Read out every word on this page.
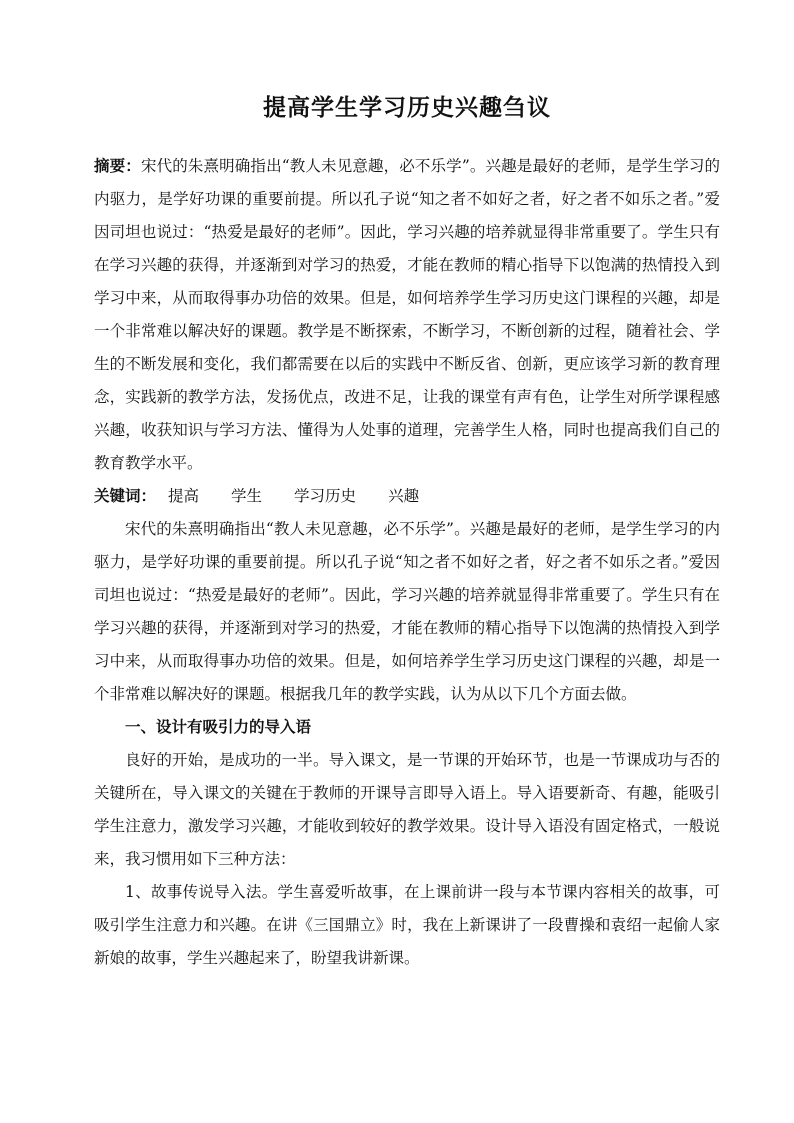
提高学生学习历史兴趣刍议

摘要：宋代的朱熹明确指出“教人未见意趣，必不乐学”。兴趣是最好的老师，是学生学习的内驱力，是学好功课的重要前提。所以孔子说“知之者不如好之者，好之者不如乐之者。”爱因司坦也说过：“热爱是最好的老师”。因此，学习兴趣的培养就显得非常重要了。学生只有在学习兴趣的获得，并逐渐到对学习的热爱，才能在教师的精心指导下以饱满的热情投入到学习中来，从而取得事办功倍的效果。但是，如何培养学生学习历史这门课程的兴趣，却是一个非常难以解决好的课题。教学是不断探索，不断学习，不断创新的过程，随着社会、学生的不断发展和变化，我们都需要在以后的实践中不断反省、创新，更应该学习新的教育理念，实践新的教学方法，发扬优点，改进不足，让我的课堂有声有色，让学生对所学课程感兴趣，收获知识与学习方法、懂得为人处事的道理，完善学生人格，同时也提高我们自己的教育教学水平。

关键词： 提高 学生 学习历史 兴趣

宋代的朱熹明确指出“教人未见意趣，必不乐学”。兴趣是最好的老师，是学生学习的内驱力，是学好功课的重要前提。所以孔子说“知之者不如好之者，好之者不如乐之者。”爱因司坦也说过：“热爱是最好的老师”。因此，学习兴趣的培养就显得非常重要了。学生只有在学习兴趣的获得，并逐渐到对学习的热爱，才能在教师的精心指导下以饱满的热情投入到学习中来，从而取得事办功倍的效果。但是，如何培养学生学习历史这门课程的兴趣，却是一个非常难以解决好的课题。根据我几年的教学实践，认为从以下几个方面去做。

一、设计有吸引力的导入语

良好的开始，是成功的一半。导入课文，是一节课的开始环节，也是一节课成功与否的关键所在，导入课文的关键在于教师的开课导言即导入语上。导入语要新奇、有趣，能吸引学生注意力，激发学习兴趣，才能收到较好的教学效果。设计导入语没有固定格式，一般说来，我习惯用如下三种方法：

1、故事传说导入法。学生喜爱听故事，在上课前讲一段与本节课内容相关的故事，可吸引学生注意力和兴趣。在讲《三国鼎立》时，我在上新课讲了一段曹操和袁绍一起偷人家新娘的故事，学生兴趣起来了，盼望我讲新课。
